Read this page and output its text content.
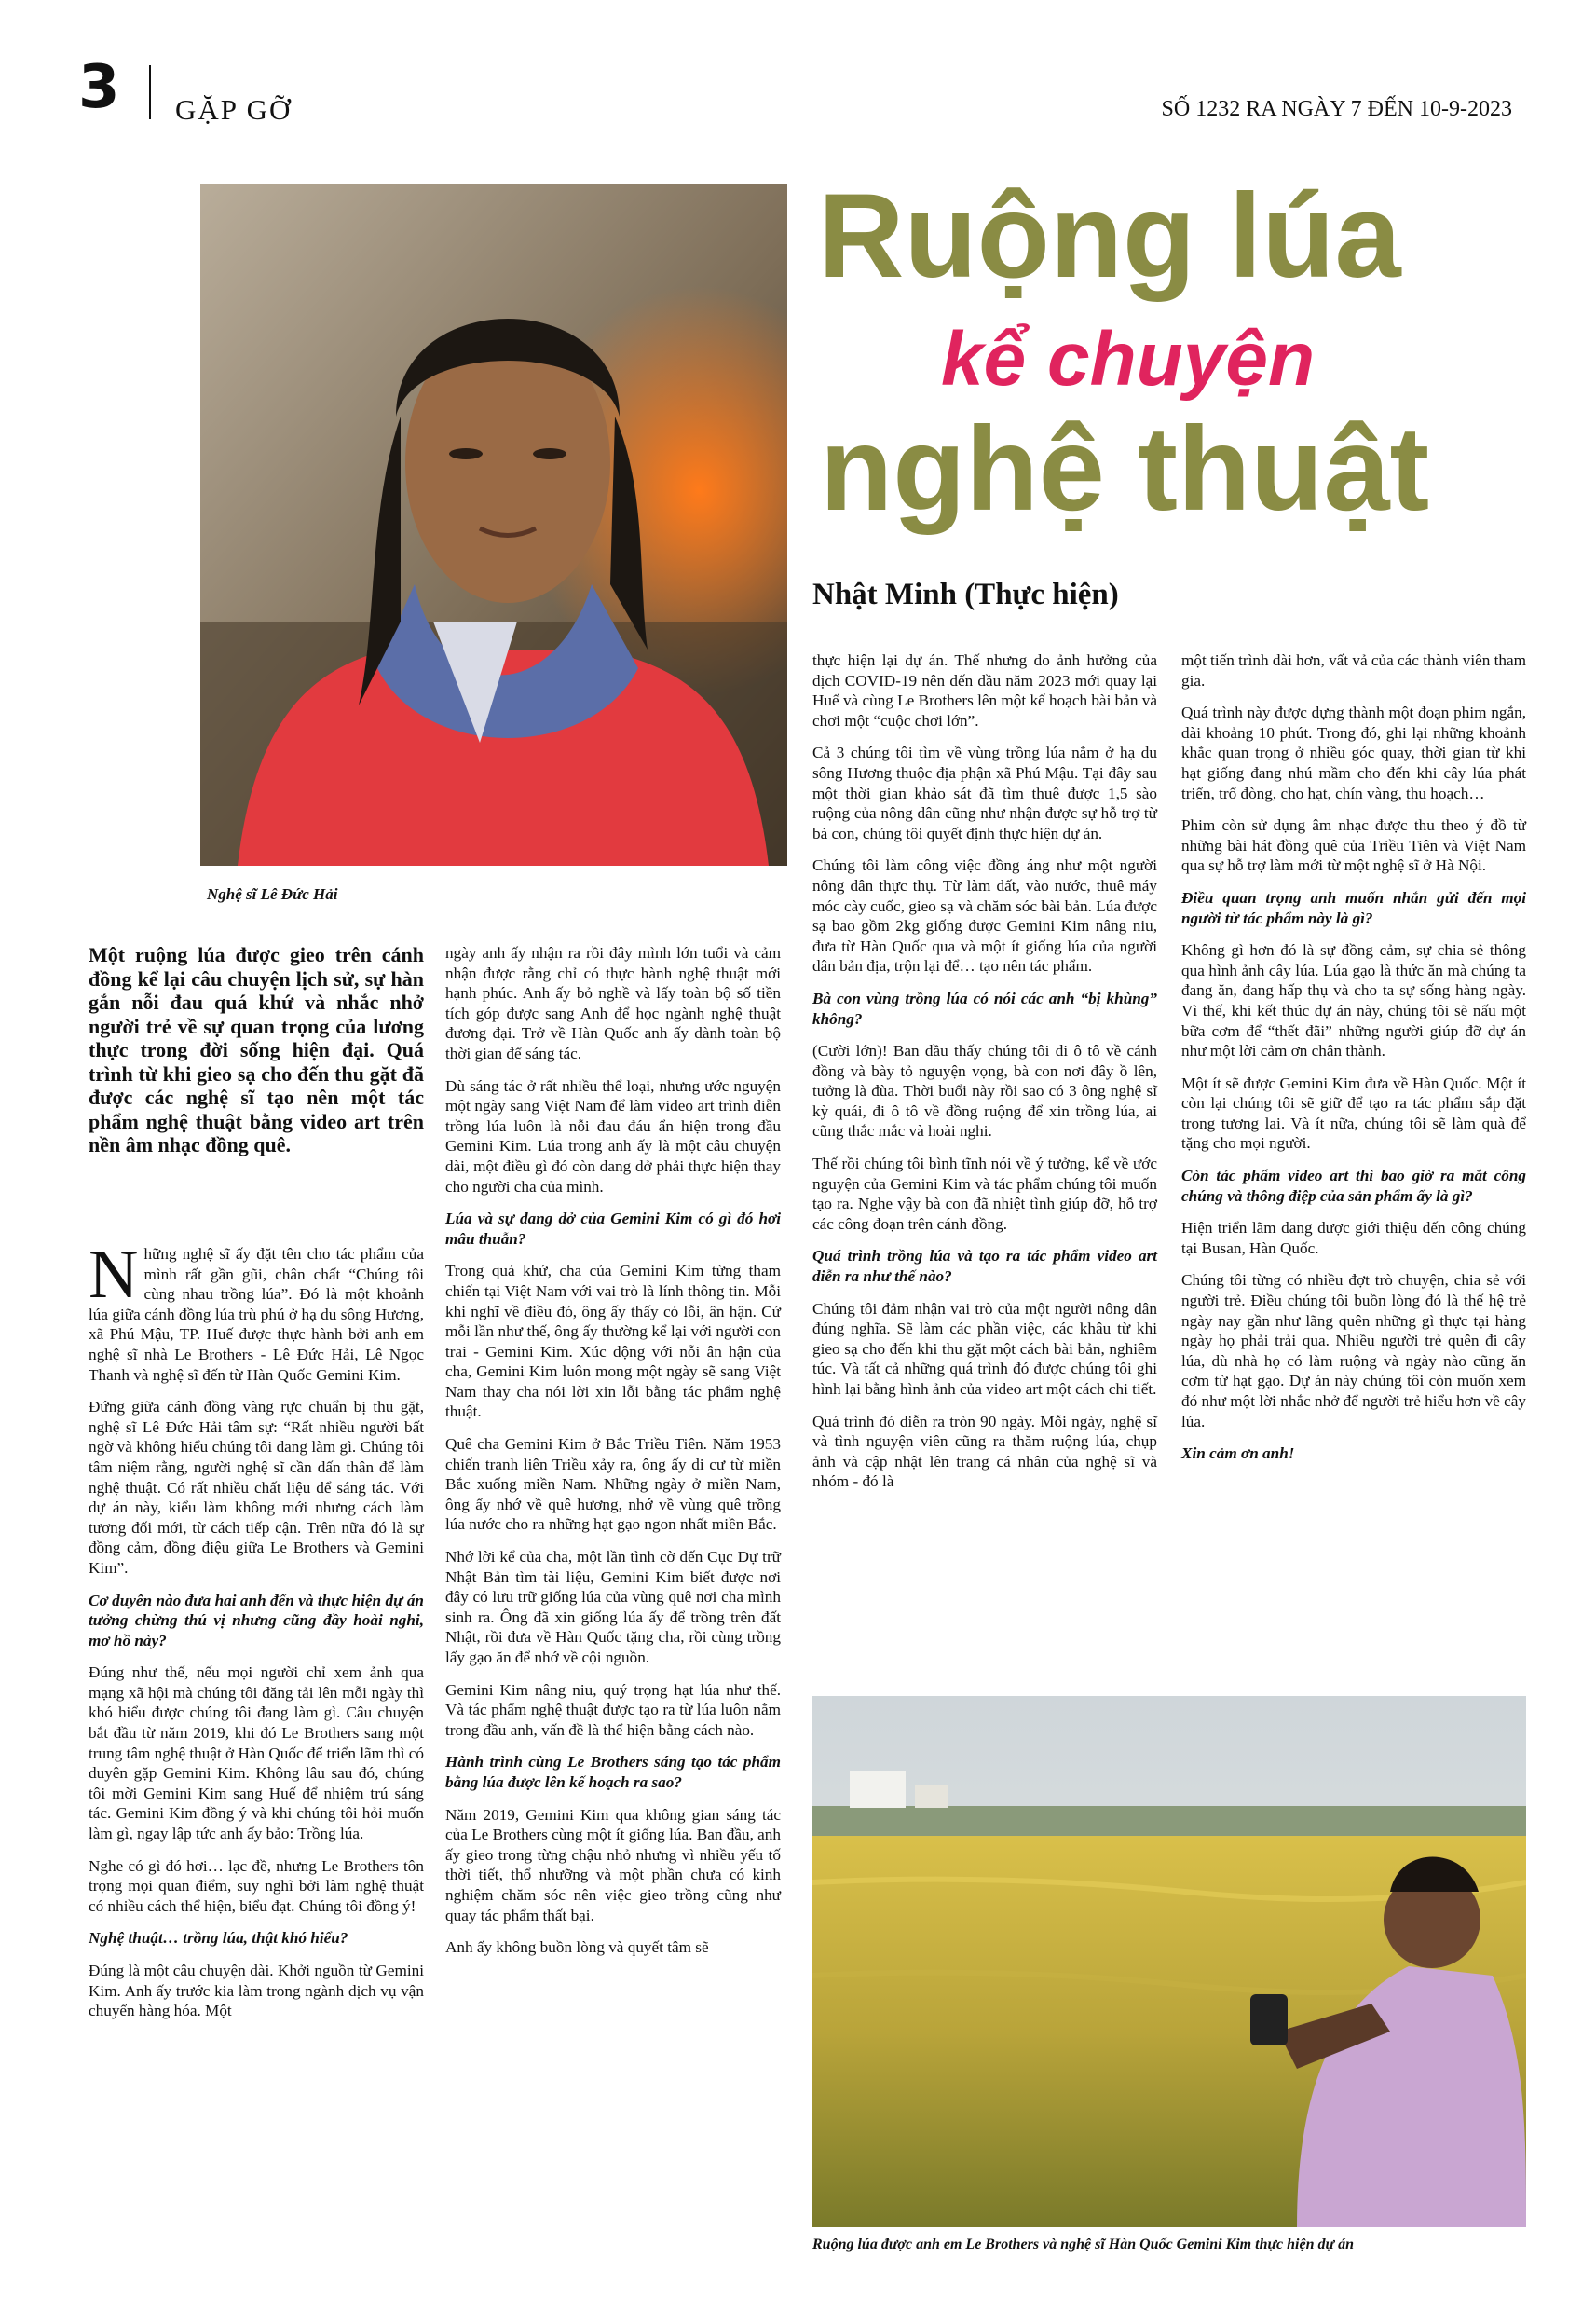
3 GẶP GỠ	SỐ 1232 RA NGÀY 7 ĐẾN 10-9-2023
Nghệ sĩ Lê Đức Hải
Ruộng lúa
kể chuyện
nghệ thuật
Nhật Minh (Thực hiện)
Một ruộng lúa được gieo trên cánh đồng kể lại câu chuyện lịch sử, sự hàn gắn nỗi đau quá khứ và nhắc nhở người trẻ về sự quan trọng của lương thực trong đời sống hiện đại. Quá trình từ khi gieo sạ cho đến thu gặt đã được các nghệ sĩ tạo nên một tác phẩm nghệ thuật bằng video art trên nền âm nhạc đồng quê.

Những nghệ sĩ ấy đặt tên cho tác phẩm của mình rất gần gũi, chân chất “Chúng tôi cùng nhau trồng lúa”. Đó là một khoảnh lúa giữa cánh đồng lúa trù phú ở hạ du sông Hương, xã Phú Mậu, TP. Huế được thực hành bởi anh em nghệ sĩ nhà Le Brothers - Lê Đức Hải, Lê Ngọc Thanh và nghệ sĩ đến từ Hàn Quốc Gemini Kim.

Đứng giữa cánh đồng vàng rực chuẩn bị thu gặt, nghệ sĩ Lê Đức Hải tâm sự: “Rất nhiều người bất ngờ và không hiểu chúng tôi đang làm gì. Chúng tôi tâm niệm rằng, người nghệ sĩ cần dấn thân để làm nghệ thuật. Có rất nhiều chất liệu để sáng tác. Với dự án này, kiểu làm không mới nhưng cách làm tương đối mới, từ cách tiếp cận. Trên nữa đó là sự đồng cảm, đồng điệu giữa Le Brothers và Gemini Kim”.

Cơ duyên nào đưa hai anh đến và thực hiện dự án tưởng chừng thú vị nhưng cũng đầy hoài nghi, mơ hồ này?

Đúng như thế, nếu mọi người chỉ xem ảnh qua mạng xã hội mà chúng tôi đăng tải lên mỗi ngày thì khó hiểu được chúng tôi đang làm gì. Câu chuyện bắt đầu từ năm 2019, khi đó Le Brothers sang một trung tâm nghệ thuật ở Hàn Quốc để triển lãm thì có duyên gặp Gemini Kim. Không lâu sau đó, chúng tôi mời Gemini Kim sang Huế để nhiệm trú sáng tác. Gemini Kim đồng ý và khi chúng tôi hỏi muốn làm gì, ngay lập tức anh ấy bảo: Trồng lúa.

Nghe có gì đó hơi… lạc đề, nhưng Le Brothers tôn trọng mọi quan điểm, suy nghĩ bởi làm nghệ thuật có nhiều cách thể hiện, biểu đạt. Chúng tôi đồng ý!

Nghệ thuật… trồng lúa, thật khó hiểu?

Đúng là một câu chuyện dài. Khởi nguồn từ Gemini Kim. Anh ấy trước kia làm trong ngành dịch vụ vận chuyển hàng hóa. Một

ngày anh ấy nhận ra rồi đây mình lớn tuổi và cảm nhận được rằng chỉ có thực hành nghệ thuật mới hạnh phúc. Anh ấy bỏ nghề và lấy toàn bộ số tiền tích góp được sang Anh để học ngành nghệ thuật đương đại. Trở về Hàn Quốc anh ấy dành toàn bộ thời gian để sáng tác.

Dù sáng tác ở rất nhiều thể loại, nhưng ước nguyện một ngày sang Việt Nam để làm video art trình diễn trồng lúa luôn là nỗi đau đáu ẩn hiện trong đầu Gemini Kim. Lúa trong anh ấy là một câu chuyện dài, một điều gì đó còn dang dở phải thực hiện thay cho người cha của mình.

Lúa và sự dang dở của Gemini Kim có gì đó hơi mâu thuẫn?

Trong quá khứ, cha của Gemini Kim từng tham chiến tại Việt Nam với vai trò là lính thông tin. Mỗi khi nghĩ về điều đó, ông ấy thấy có lỗi, ân hận. Cứ mỗi lần như thế, ông ấy thường kể lại với người con trai - Gemini Kim. Xúc động với nỗi ân hận của cha, Gemini Kim luôn mong một ngày sẽ sang Việt Nam thay cha nói lời xin lỗi bằng tác phẩm nghệ thuật.

Quê cha Gemini Kim ở Bắc Triều Tiên. Năm 1953 chiến tranh liên Triều xảy ra, ông ấy di cư từ miền Bắc xuống miền Nam. Những ngày ở miền Nam, ông ấy nhớ về quê hương, nhớ về vùng quê trồng lúa nước cho ra những hạt gạo ngon nhất miền Bắc.

Nhớ lời kể của cha, một lần tình cờ đến Cục Dự trữ Nhật Bản tìm tài liệu, Gemini Kim biết được nơi đây có lưu trữ giống lúa của vùng quê nơi cha mình sinh ra. Ông đã xin giống lúa ấy để trồng trên đất Nhật, rồi đưa về Hàn Quốc tặng cha, rồi cùng trồng lấy gạo ăn để nhớ về cội nguồn.

Gemini Kim nâng niu, quý trọng hạt lúa như thế. Và tác phẩm nghệ thuật được tạo ra từ lúa luôn nằm trong đầu anh, vấn đề là thể hiện bằng cách nào.

Hành trình cùng Le Brothers sáng tạo tác phẩm bằng lúa được lên kế hoạch ra sao?

Năm 2019, Gemini Kim qua không gian sáng tác của Le Brothers cùng một ít giống lúa. Ban đầu, anh ấy gieo trong từng chậu nhỏ nhưng vì nhiều yếu tố thời tiết, thổ nhưỡng và một phần chưa có kinh nghiệm chăm sóc nên việc gieo trồng cũng như quay tác phẩm thất bại.

Anh ấy không buồn lòng và quyết tâm sẽ

thực hiện lại dự án. Thế nhưng do ảnh hưởng của dịch COVID-19 nên đến đầu năm 2023 mới quay lại Huế và cùng Le Brothers lên một kế hoạch bài bản và chơi một “cuộc chơi lớn”.

Cả 3 chúng tôi tìm về vùng trồng lúa nằm ở hạ du sông Hương thuộc địa phận xã Phú Mậu. Tại đây sau một thời gian khảo sát đã tìm thuê được 1,5 sào ruộng của nông dân cũng như nhận được sự hỗ trợ từ bà con, chúng tôi quyết định thực hiện dự án.

Chúng tôi làm công việc đồng áng như một người nông dân thực thụ. Từ làm đất, vào nước, thuê máy móc cày cuốc, gieo sạ và chăm sóc bài bản. Lúa được sạ bao gồm 2kg giống được Gemini Kim nâng niu, đưa từ Hàn Quốc qua và một ít giống lúa của người dân bản địa, trộn lại để… tạo nên tác phẩm.

Bà con vùng trồng lúa có nói các anh “bị khùng” không?

(Cười lớn)! Ban đầu thấy chúng tôi đi ô tô về cánh đồng và bày tỏ nguyện vọng, bà con nơi đây ồ lên, tưởng là đùa. Thời buổi này rồi sao có 3 ông nghệ sĩ kỳ quái, đi ô tô về đồng ruộng để xin trồng lúa, ai cũng thắc mắc và hoài nghi.

Thế rồi chúng tôi bình tĩnh nói về ý tưởng, kể về ước nguyện của Gemini Kim và tác phẩm chúng tôi muốn tạo ra. Nghe vậy bà con đã nhiệt tình giúp đỡ, hỗ trợ các công đoạn trên cánh đồng.

Quá trình trồng lúa và tạo ra tác phẩm video art diễn ra như thế nào?

Chúng tôi đảm nhận vai trò của một người nông dân đúng nghĩa. Sẽ làm các phần việc, các khâu từ khi gieo sạ cho đến khi thu gặt một cách bài bản, nghiêm túc. Và tất cả những quá trình đó được chúng tôi ghi hình lại bằng hình ảnh của video art một cách chi tiết.

Quá trình đó diễn ra tròn 90 ngày. Mỗi ngày, nghệ sĩ và tình nguyện viên cũng ra thăm ruộng lúa, chụp ảnh và cập nhật lên trang cá nhân của nghệ sĩ và nhóm - đó là

một tiến trình dài hơn, vất vả của các thành viên tham gia.

Quá trình này được dựng thành một đoạn phim ngắn, dài khoảng 10 phút. Trong đó, ghi lại những khoảnh khắc quan trọng ở nhiều góc quay, thời gian từ khi hạt giống đang nhú mầm cho đến khi cây lúa phát triển, trổ đòng, cho hạt, chín vàng, thu hoạch…

Phim còn sử dụng âm nhạc được thu theo ý đồ từ những bài hát đồng quê của Triều Tiên và Việt Nam qua sự hỗ trợ làm mới từ một nghệ sĩ ở Hà Nội.

Điều quan trọng anh muốn nhắn gửi đến mọi người từ tác phẩm này là gì?

Không gì hơn đó là sự đồng cảm, sự chia sẻ thông qua hình ảnh cây lúa. Lúa gạo là thức ăn mà chúng ta đang ăn, đang hấp thụ và cho ta sự sống hàng ngày. Vì thế, khi kết thúc dự án này, chúng tôi sẽ nấu một bữa cơm để “thết đãi” những người giúp đỡ dự án như một lời cảm ơn chân thành.

Một ít sẽ được Gemini Kim đưa về Hàn Quốc. Một ít còn lại chúng tôi sẽ giữ để tạo ra tác phẩm sắp đặt trong tương lai. Và ít nữa, chúng tôi sẽ làm quà để tặng cho mọi người.

Còn tác phẩm video art thì bao giờ ra mắt công chúng và thông điệp của sản phẩm ấy là gì?

Hiện triển lãm đang được giới thiệu đến công chúng tại Busan, Hàn Quốc.

Chúng tôi từng có nhiều đợt trò chuyện, chia sẻ với người trẻ. Điều chúng tôi buồn lòng đó là thế hệ trẻ ngày nay gần như lãng quên những gì thực tại hàng ngày họ phải trải qua. Nhiều người trẻ quên đi cây lúa, dù nhà họ có làm ruộng và ngày nào cũng ăn cơm từ hạt gạo. Dự án này chúng tôi còn muốn xem đó như một lời nhắc nhở để người trẻ hiểu hơn về cây lúa.

Xin cảm ơn anh!

Ruộng lúa được anh em Le Brothers và nghệ sĩ Hàn Quốc Gemini Kim thực hiện dự án
